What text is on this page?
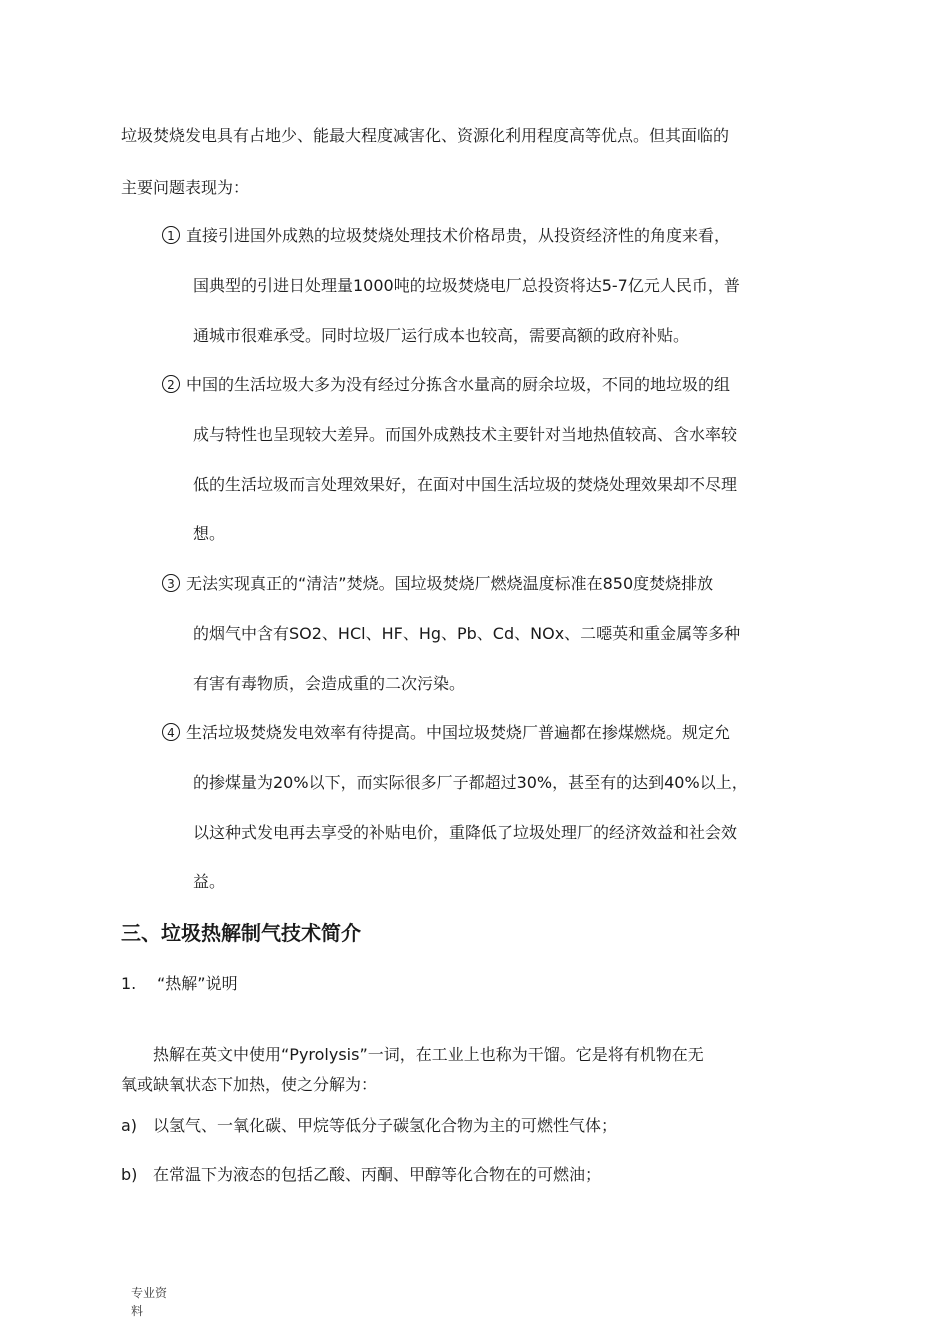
垃圾焚烧发电具有占地少、能最大程度减害化、资源化利用程度高等优点。但其面临的

主要问题表现为：

1 直接引进国外成熟的垃圾焚烧处理技术价格昂贵，从投资经济性的角度来看，

国典型的引进日处理量1000吨的垃圾焚烧电厂总投资将达5-7亿元人民币，普

通城市很难承受。同时垃圾厂运行成本也较高，需要高额的政府补贴。

2 中国的生活垃圾大多为没有经过分拣含水量高的厨余垃圾，不同的地垃圾的组

成与特性也呈现较大差异。而国外成熟技术主要针对当地热值较高、含水率较

低的生活垃圾而言处理效果好，在面对中国生活垃圾的焚烧处理效果却不尽理

想。

3 无法实现真正的“清洁”焚烧。国垃圾焚烧厂燃烧温度标准在850度焚烧排放

的烟气中含有SO2、HCl、HF、Hg、Pb、Cd、NOx、二噁英和重金属等多种

有害有毒物质，会造成重的二次污染。

4 生活垃圾焚烧发电效率有待提高。中国垃圾焚烧厂普遍都在掺煤燃烧。规定允

的掺煤量为20%以下，而实际很多厂子都超过30%，甚至有的达到40%以上，

以这种式发电再去享受的补贴电价，重降低了垃圾处理厂的经济效益和社会效

益。

三、垃圾热解制气技术简介

1. “热解”说明

热解在英文中使用“Pyrolysis”一词，在工业上也称为干馏。它是将有机物在无

氧或缺氧状态下加热，使之分解为：

a) 以氢气、一氧化碳、甲烷等低分子碳氢化合物为主的可燃性气体；

b) 在常温下为液态的包括乙酸、丙酮、甲醇等化合物在的可燃油；

专业资
料
